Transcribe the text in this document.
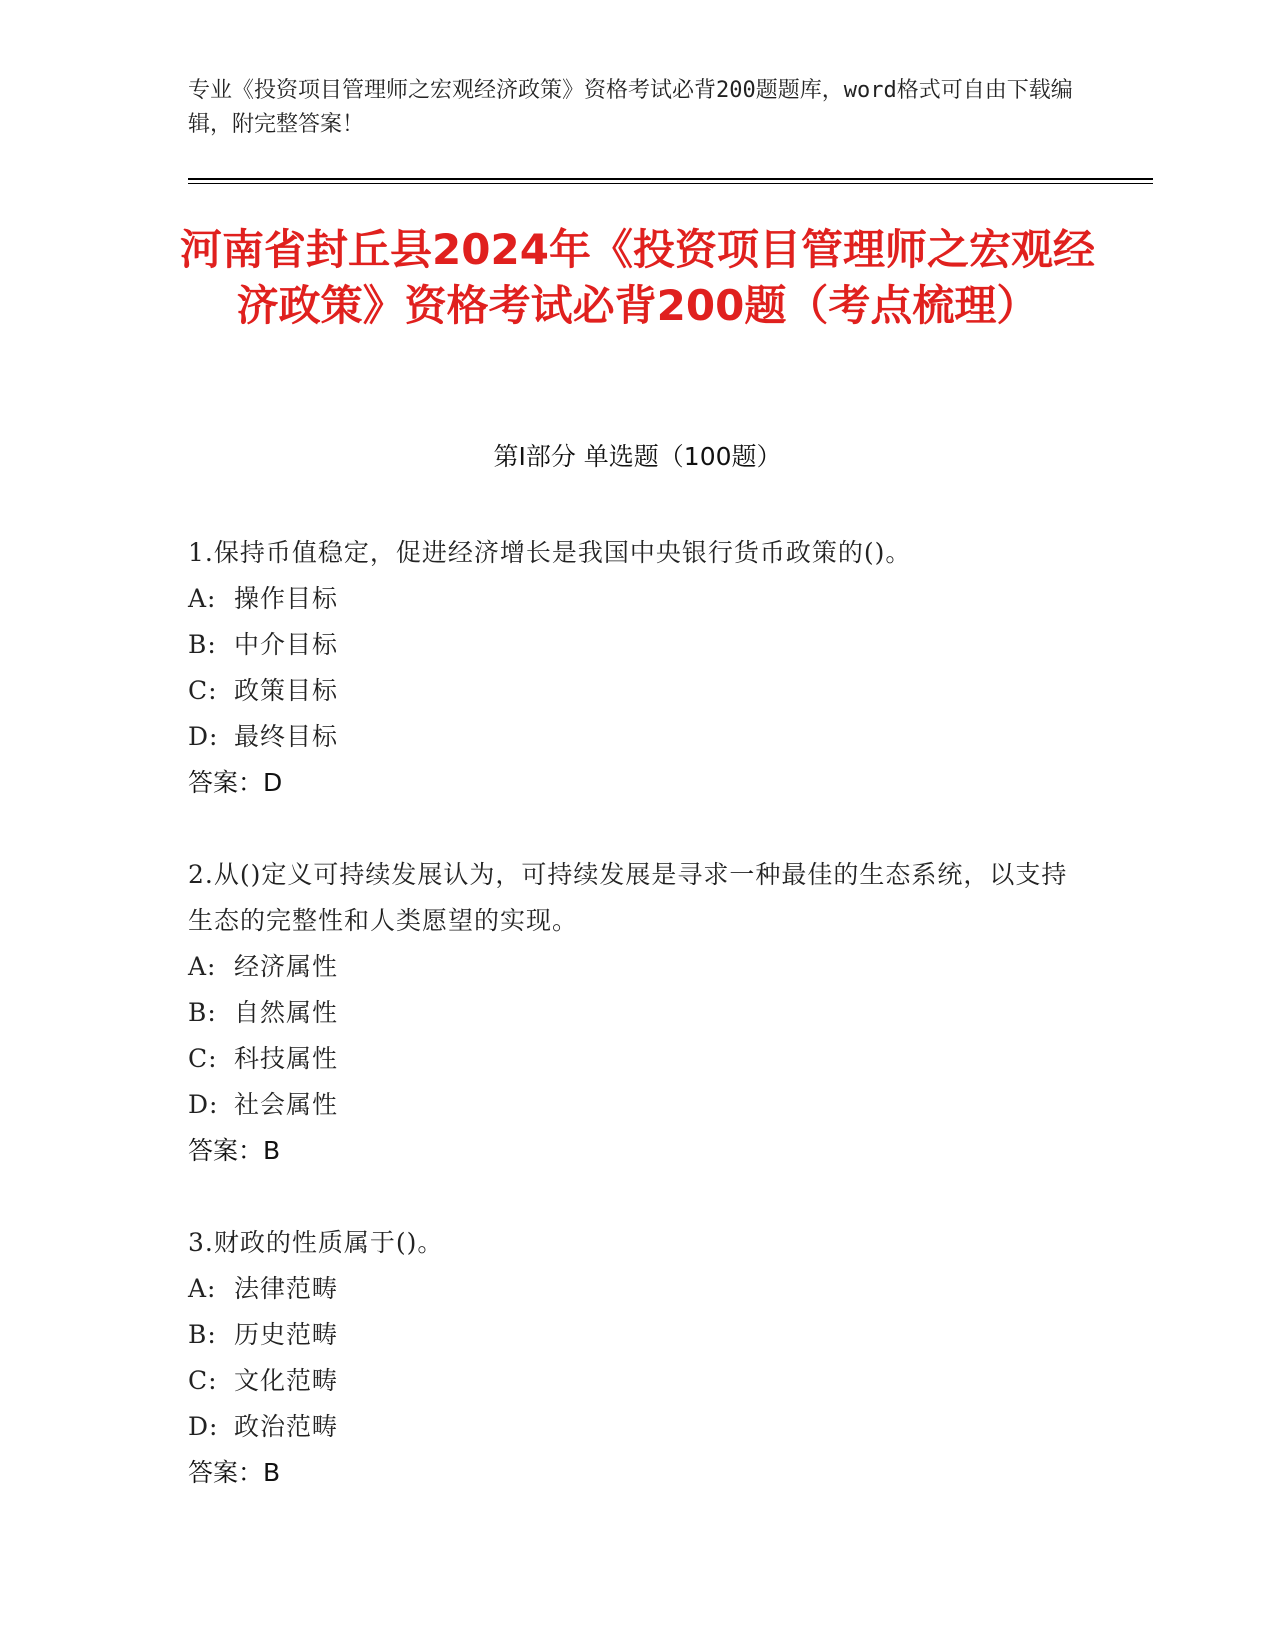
专业《投资项目管理师之宏观经济政策》资格考试必背200题题库，word格式可自由下载编辑，附完整答案！
河南省封丘县2024年《投资项目管理师之宏观经济政策》资格考试必背200题（考点梳理）
第I部分 单选题（100题）
1.保持币值稳定，促进经济增长是我国中央银行货币政策的()。
A: 操作目标
B: 中介目标
C: 政策目标
D: 最终目标
答案：D
2.从()定义可持续发展认为，可持续发展是寻求一种最佳的生态系统，以支持生态的完整性和人类愿望的实现。
A: 经济属性
B: 自然属性
C: 科技属性
D: 社会属性
答案：B
3.财政的性质属于()。
A: 法律范畴
B: 历史范畴
C: 文化范畴
D: 政治范畴
答案：B
